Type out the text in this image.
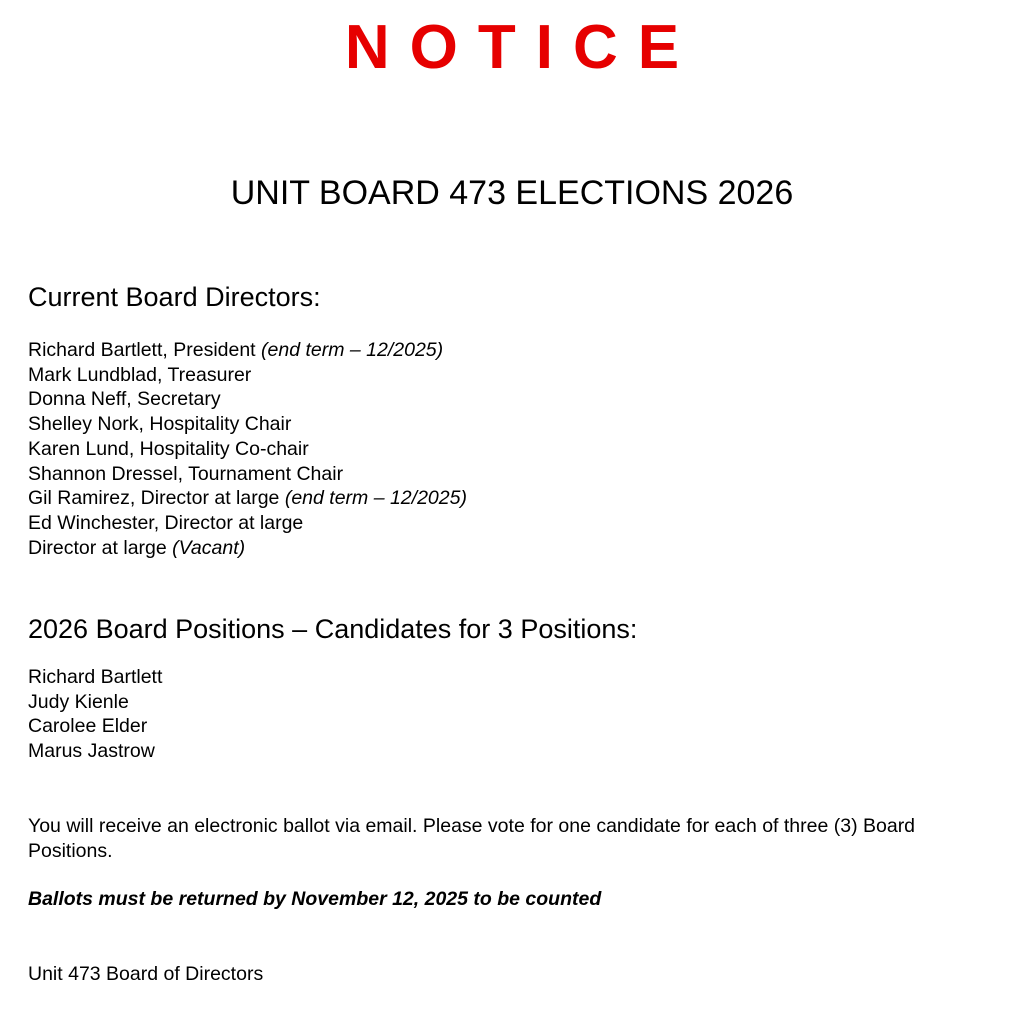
NOTICE
UNIT BOARD 473 ELECTIONS 2026
Current Board Directors:
Richard Bartlett, President (end term – 12/2025)
Mark Lundblad, Treasurer
Donna Neff, Secretary
Shelley Nork, Hospitality Chair
Karen Lund, Hospitality Co-chair
Shannon Dressel, Tournament Chair
Gil Ramirez, Director at large (end term – 12/2025)
Ed Winchester, Director at large
Director at large (Vacant)
2026 Board Positions – Candidates for 3 Positions:
Richard Bartlett
Judy Kienle
Carolee Elder
Marus Jastrow

You will receive an electronic ballot via email. Please vote for one candidate for each of three (3) Board Positions.

Ballots must be returned by November 12, 2025 to be counted

Unit 473 Board of Directors
